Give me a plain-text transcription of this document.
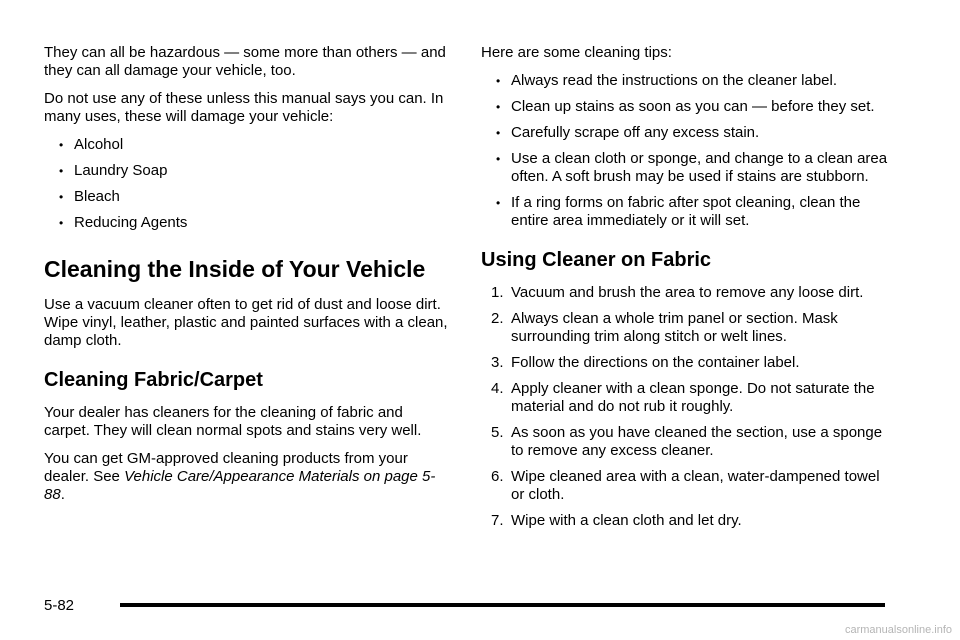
They can all be hazardous — some more than others — and they can all damage your vehicle, too.

Do not use any of these unless this manual says you can. In many uses, these will damage your vehicle:

• Alcohol
• Laundry Soap
• Bleach
• Reducing Agents
Cleaning the Inside of Your Vehicle

Use a vacuum cleaner often to get rid of dust and loose dirt. Wipe vinyl, leather, plastic and painted surfaces with a clean, damp cloth.

Cleaning Fabric/Carpet

Your dealer has cleaners for the cleaning of fabric and carpet. They will clean normal spots and stains very well.

You can get GM-approved cleaning products from your dealer. See Vehicle Care/Appearance Materials on page 5-88.

Here are some cleaning tips:

• Always read the instructions on the cleaner label.
• Clean up stains as soon as you can — before they set.
• Carefully scrape off any excess stain.
• Use a clean cloth or sponge, and change to a clean area often. A soft brush may be used if stains are stubborn.
• If a ring forms on fabric after spot cleaning, clean the entire area immediately or it will set.
Using Cleaner on Fabric
1. Vacuum and brush the area to remove any loose dirt.
2. Always clean a whole trim panel or section. Mask surrounding trim along stitch or welt lines.
3. Follow the directions on the container label.
4. Apply cleaner with a clean sponge. Do not saturate the material and do not rub it roughly.
5. As soon as you have cleaned the section, use a sponge to remove any excess cleaner.
6. Wipe cleaned area with a clean, water-dampened towel or cloth.
7. Wipe with a clean cloth and let dry.
5-82
carmanualsonline.info
